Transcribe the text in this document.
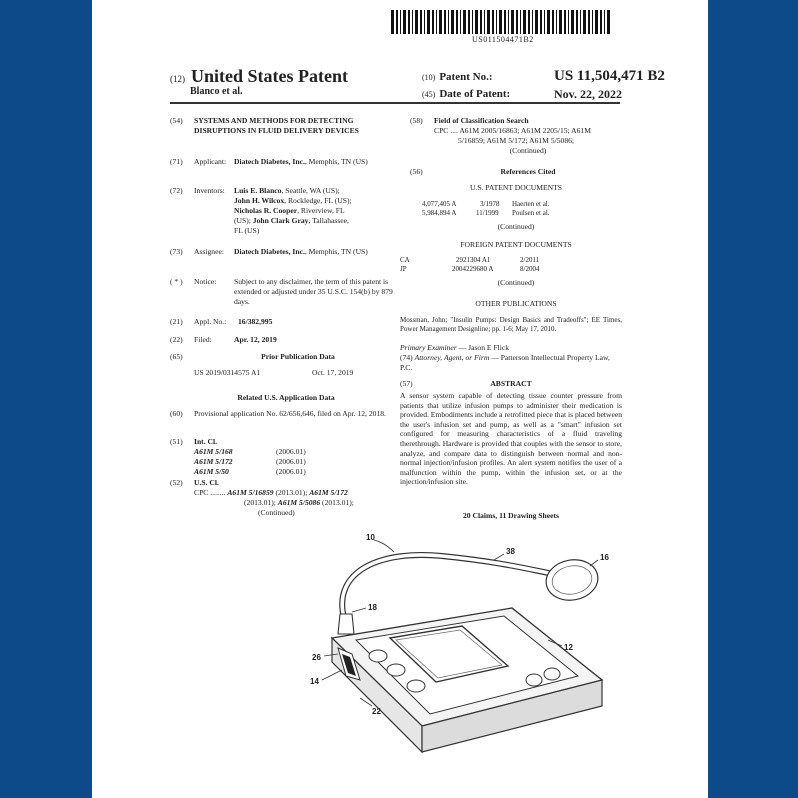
US011504471B2
(12) United States Patent
Blanco et al.
(10) Patent No.:	US 11,504,471 B2
(45) Date of Patent:	Nov. 22, 2022
(54)	SYSTEMS AND METHODS FOR DETECTING DISRUPTIONS IN FLUID DELIVERY DEVICES
(71)	Applicant:	Diatech Diabetes, Inc., Memphis, TN (US)
(72)	Inventors:	Luis E. Blanco, Seattle, WA (US);
John H. Wilcox, Rockledge, FL (US);
Nicholas R. Cooper, Riverview, FL
(US); John Clark Gray, Tallahassee,
FL (US)
(73)	Assignee:	Diatech Diabetes, Inc., Memphis, TN (US)
( * )	Notice:	Subject to any disclaimer, the term of this patent is extended or adjusted under 35 U.S.C. 154(b) by 879 days.
(21)	Appl. No.:	16/382,995
(22)	Filed:	Apr. 12, 2019
(65)	Prior Publication Data
US 2019/0314575 A1	Oct. 17, 2019
Related U.S. Application Data
(60)	Provisional application No. 62/656,646, filed on Apr. 12, 2018.
(51)	Int. Cl.
A61M 5/168	(2006.01)
A61M 5/172	(2006.01)
A61M 5/50	(2006.01)
(52)	U.S. Cl.
CPC ........ A61M 5/16859 (2013.01); A61M 5/172
(2013.01); A61M 5/5086 (2013.01);
(Continued)
(58)	Field of Classification Search
CPC .... A61M 2005/16863; A61M 2205/15; A61M
5/16859; A61M 5/172; A61M 5/5086;
(Continued)
(56)	References Cited
U.S. PATENT DOCUMENTS
4,077,405 A	3/1978 Haerten et al.
5,984,894 A	11/1999 Poulsen et al.
(Continued)
FOREIGN PATENT DOCUMENTS
CA	2921304 A1	2/2011
JP	2004229680 A	8/2004
(Continued)
OTHER PUBLICATIONS
Mossman, John; "Insulin Pumps: Design Basics and Tradeoffs"; EE Times, Power Management Designline; pp. 1-6; May 17, 2010.
Primary Examiner — Jason E Flick
(74) Attorney, Agent, or Firm — Patterson Intellectual Property Law, P.C.
(57)	ABSTRACT
A sensor system capable of detecting tissue counter pressure from patients that utilize infusion pumps to administer their medication is provided. Embodiments include a retrofitted piece that is placed between the user's infusion set and pump, as well as a "smart" infusion set configured for measuring characteristics of a fluid traveling therethrough. Hardware is provided that couples with the sensor to store, analyze, and compare data to distinguish between normal and non-normal injection/infusion profiles. An alert system notifies the user of a malfunction within the pump, within the infusion set, or at the injection/infusion site.
20 Claims, 11 Drawing Sheets
10
38
16
18
12
26
14
22
